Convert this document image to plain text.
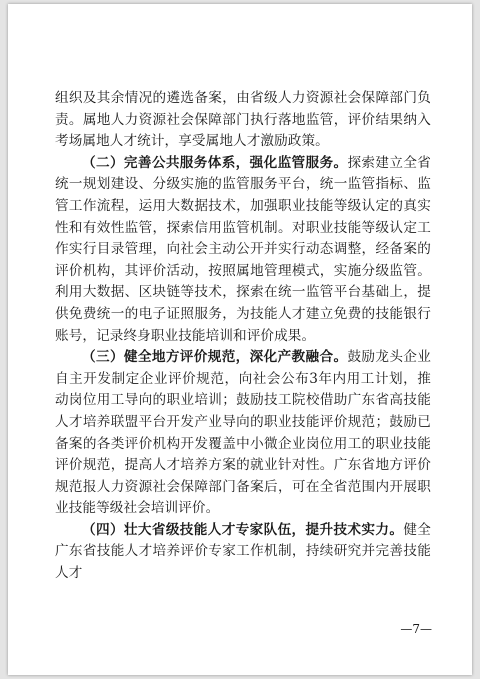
组织及其余情况的遴选备案，由省级人力资源社会保障部门负责。属地人力资源社会保障部门执行落地监管，评价结果纳入考场属地人才统计，享受属地人才激励政策。

（二）完善公共服务体系，强化监管服务。探索建立全省统一规划建设、分级实施的监管服务平台，统一监管指标、监管工作流程，运用大数据技术，加强职业技能等级认定的真实性和有效性监管，探索信用监管机制。对职业技能等级认定工作实行目录管理，向社会主动公开并实行动态调整，经备案的评价机构，其评价活动，按照属地管理模式，实施分级监管。利用大数据、区块链等技术，探索在统一监管平台基础上，提供免费统一的电子证照服务，为技能人才建立免费的技能银行账号，记录终身职业技能培训和评价成果。

（三）健全地方评价规范，深化产教融合。鼓励龙头企业自主开发制定企业评价规范，向社会公布3年内用工计划，推动岗位用工导向的职业培训；鼓励技工院校借助广东省高技能人才培养联盟平台开发产业导向的职业技能评价规范；鼓励已备案的各类评价机构开发覆盖中小微企业岗位用工的职业技能评价规范，提高人才培养方案的就业针对性。广东省地方评价规范报人力资源社会保障部门备案后，可在全省范围内开展职业技能等级社会培训评价。

（四）壮大省级技能人才专家队伍，提升技术实力。健全广东省技能人才培养评价专家工作机制，持续研究并完善技能人才

—7—
